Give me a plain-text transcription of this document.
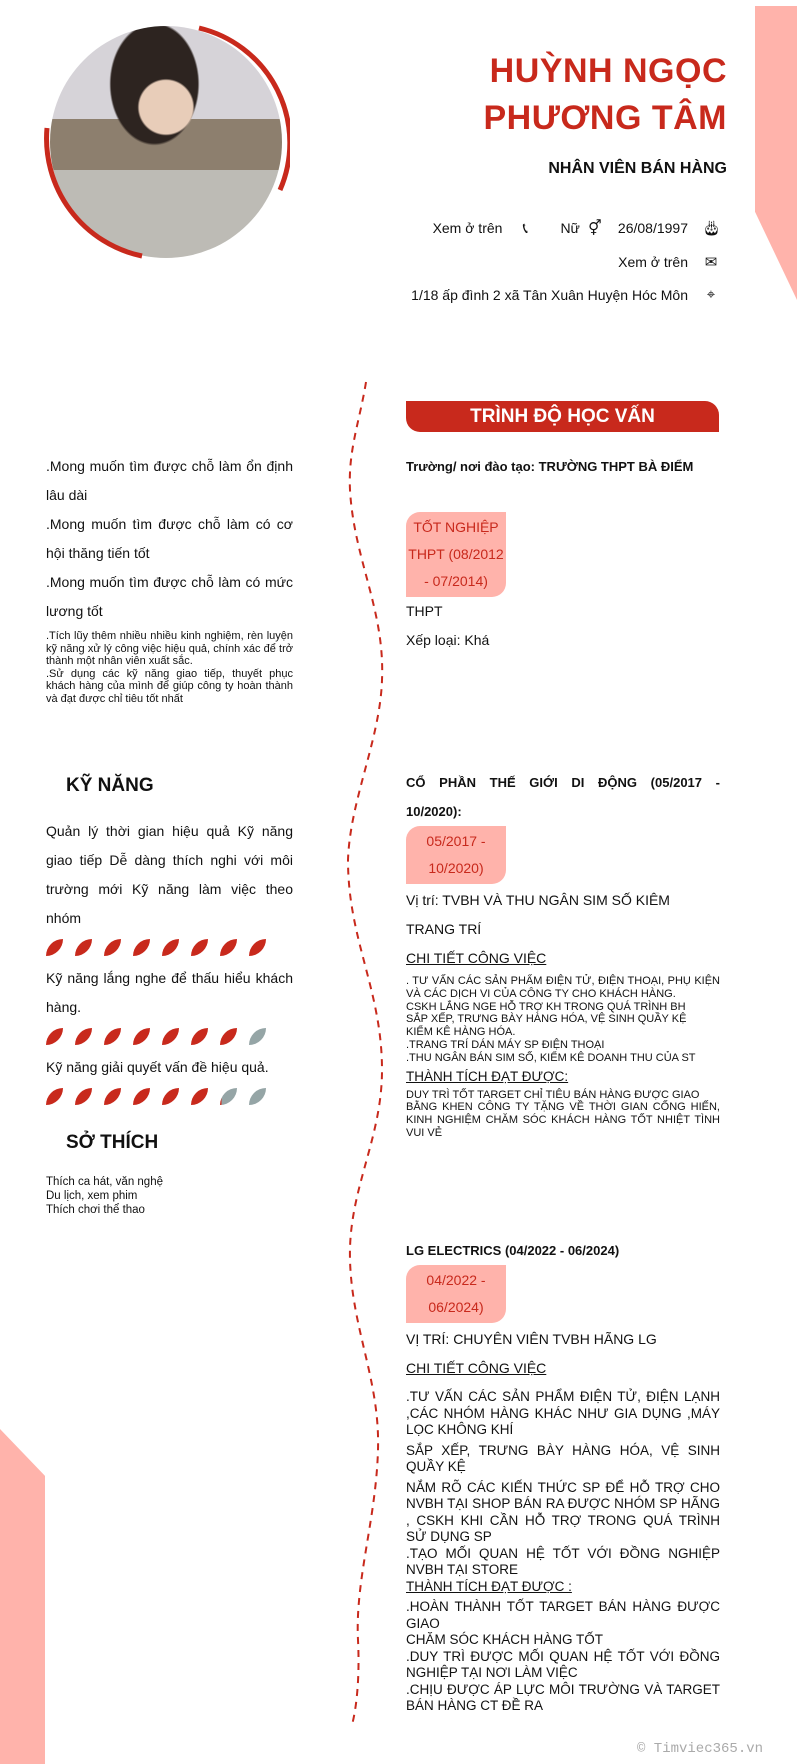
HUỲNH NGỌC PHƯƠNG TÂM
NHÂN VIÊN BÁN HÀNG
Xem ở trên	📞︎	Nữ ⚥ 26/08/1997 🎂︎
Xem ở trên ✉
1/18 ấp đình 2 xã Tân Xuân Huyện Hóc Môn	⌖

.Mong muốn tìm được chỗ làm ổn định lâu dài

.Mong muốn tìm được chỗ làm có cơ hội thăng tiến tốt

.Mong muốn tìm được chỗ làm có mức lương tốt

.Tích lũy thêm nhiều nhiều kinh nghiệm, rèn luyện kỹ năng xử lý công việc hiệu quả, chính xác để trở thành một nhân viên xuất sắc.
.Sử dụng các kỹ năng giao tiếp, thuyết phục khách hàng của mình để giúp công ty hoàn thành và đạt được chỉ tiêu tốt nhất

KỸ NĂNG
Quản lý thời gian hiệu quả Kỹ năng giao tiếp Dễ dàng thích nghi với môi trường mới Kỹ năng làm việc theo nhóm
Kỹ năng lắng nghe để thấu hiểu khách hàng.
Kỹ năng giải quyết vấn đề hiệu quả.
SỞ THÍCH
Thích ca hát, văn nghệ
Du lịch, xem phim
Thích chơi thể thao
TRÌNH ĐỘ HỌC VẤN
Trường/ nơi đào tạo: TRƯỜNG THPT BÀ ĐIỂM
TỐT NGHIỆP THPT (08/2012 - 07/2014)
THPT
Xếp loại: Khá
CỔ PHẦN THẾ GIỚI DI ĐỘNG (05/2017 - 10/2020):
05/2017 - 10/2020)
Vị trí: TVBH VÀ THU NGÂN SIM SỐ KIÊM TRANG TRÍ
CHI TIẾT CÔNG VIỆC
. TƯ VẤN CÁC SẢN PHẨM ĐIỆN TỬ, ĐIỆN THOẠI, PHỤ KIỆN VÀ CÁC DỊCH VI CỦA CÔNG TY CHO KHÁCH HÀNG.
CSKH LẮNG NGE HỖ TRỢ KH TRONG QUÁ TRÌNH BH
SẮP XẾP, TRƯNG BÀY HÀNG HÓA, VỆ SINH QUẦY KỆ
KIỂM KÊ HÀNG HÓA.
.TRANG TRÍ DÁN MÁY SP ĐIỆN THOẠI
.THU NGÂN BÁN SIM SỐ, KIỂM KÊ DOANH THU CỦA ST
THÀNH TÍCH ĐẠT ĐƯỢC:
DUY TRÌ TỐT TARGET CHỈ TIÊU BÁN HÀNG ĐƯỢC GIAO
BẰNG KHEN CÔNG TY TẶNG VỀ THỜI GIAN CỐNG HIẾN, KINH NGHIỆM CHĂM SÓC KHÁCH HÀNG TỐT NHIỆT TÌNH VUI VẺ
LG ELECTRICS (04/2022 - 06/2024)
04/2022 - 06/2024)
VỊ TRÍ: CHUYÊN VIÊN TVBH HÃNG LG
CHI TIẾT CÔNG VIỆC
.TƯ VẤN CÁC SẢN PHẨM ĐIỆN TỬ, ĐIỆN LẠNH ,CÁC NHÓM HÀNG KHÁC NHƯ GIA DỤNG ,MÁY LỌC KHÔNG KHÍ
SẮP XẾP, TRƯNG BÀY HÀNG HÓA, VỆ SINH QUẦY KỆ
NẮM RÕ CÁC KIẾN THỨC SP ĐỂ HỖ TRỢ CHO NVBH TẠI SHOP BÁN RA ĐƯỢC NHÓM SP HÃNG , CSKH KHI CẦN HỖ TRỢ TRONG QUÁ TRÌNH SỬ DỤNG SP
.TẠO MỐI QUAN HỆ TỐT VỚI ĐỒNG NGHIỆP NVBH TẠI STORE
THÀNH TÍCH ĐẠT ĐƯỢC :
.HOÀN THÀNH TỐT TARGET BÁN HÀNG ĐƯỢC GIAO
CHĂM SÓC KHÁCH HÀNG TỐT
.DUY TRÌ ĐƯỢC MỐI QUAN HỆ TỐT VỚI ĐỒNG NGHIỆP TẠI NƠI LÀM VIỆC
.CHỊU ĐƯỢC ÁP LỰC MÔI TRƯỜNG VÀ TARGET BÁN HÀNG CT ĐỀ RA
© Timviec365.vn
